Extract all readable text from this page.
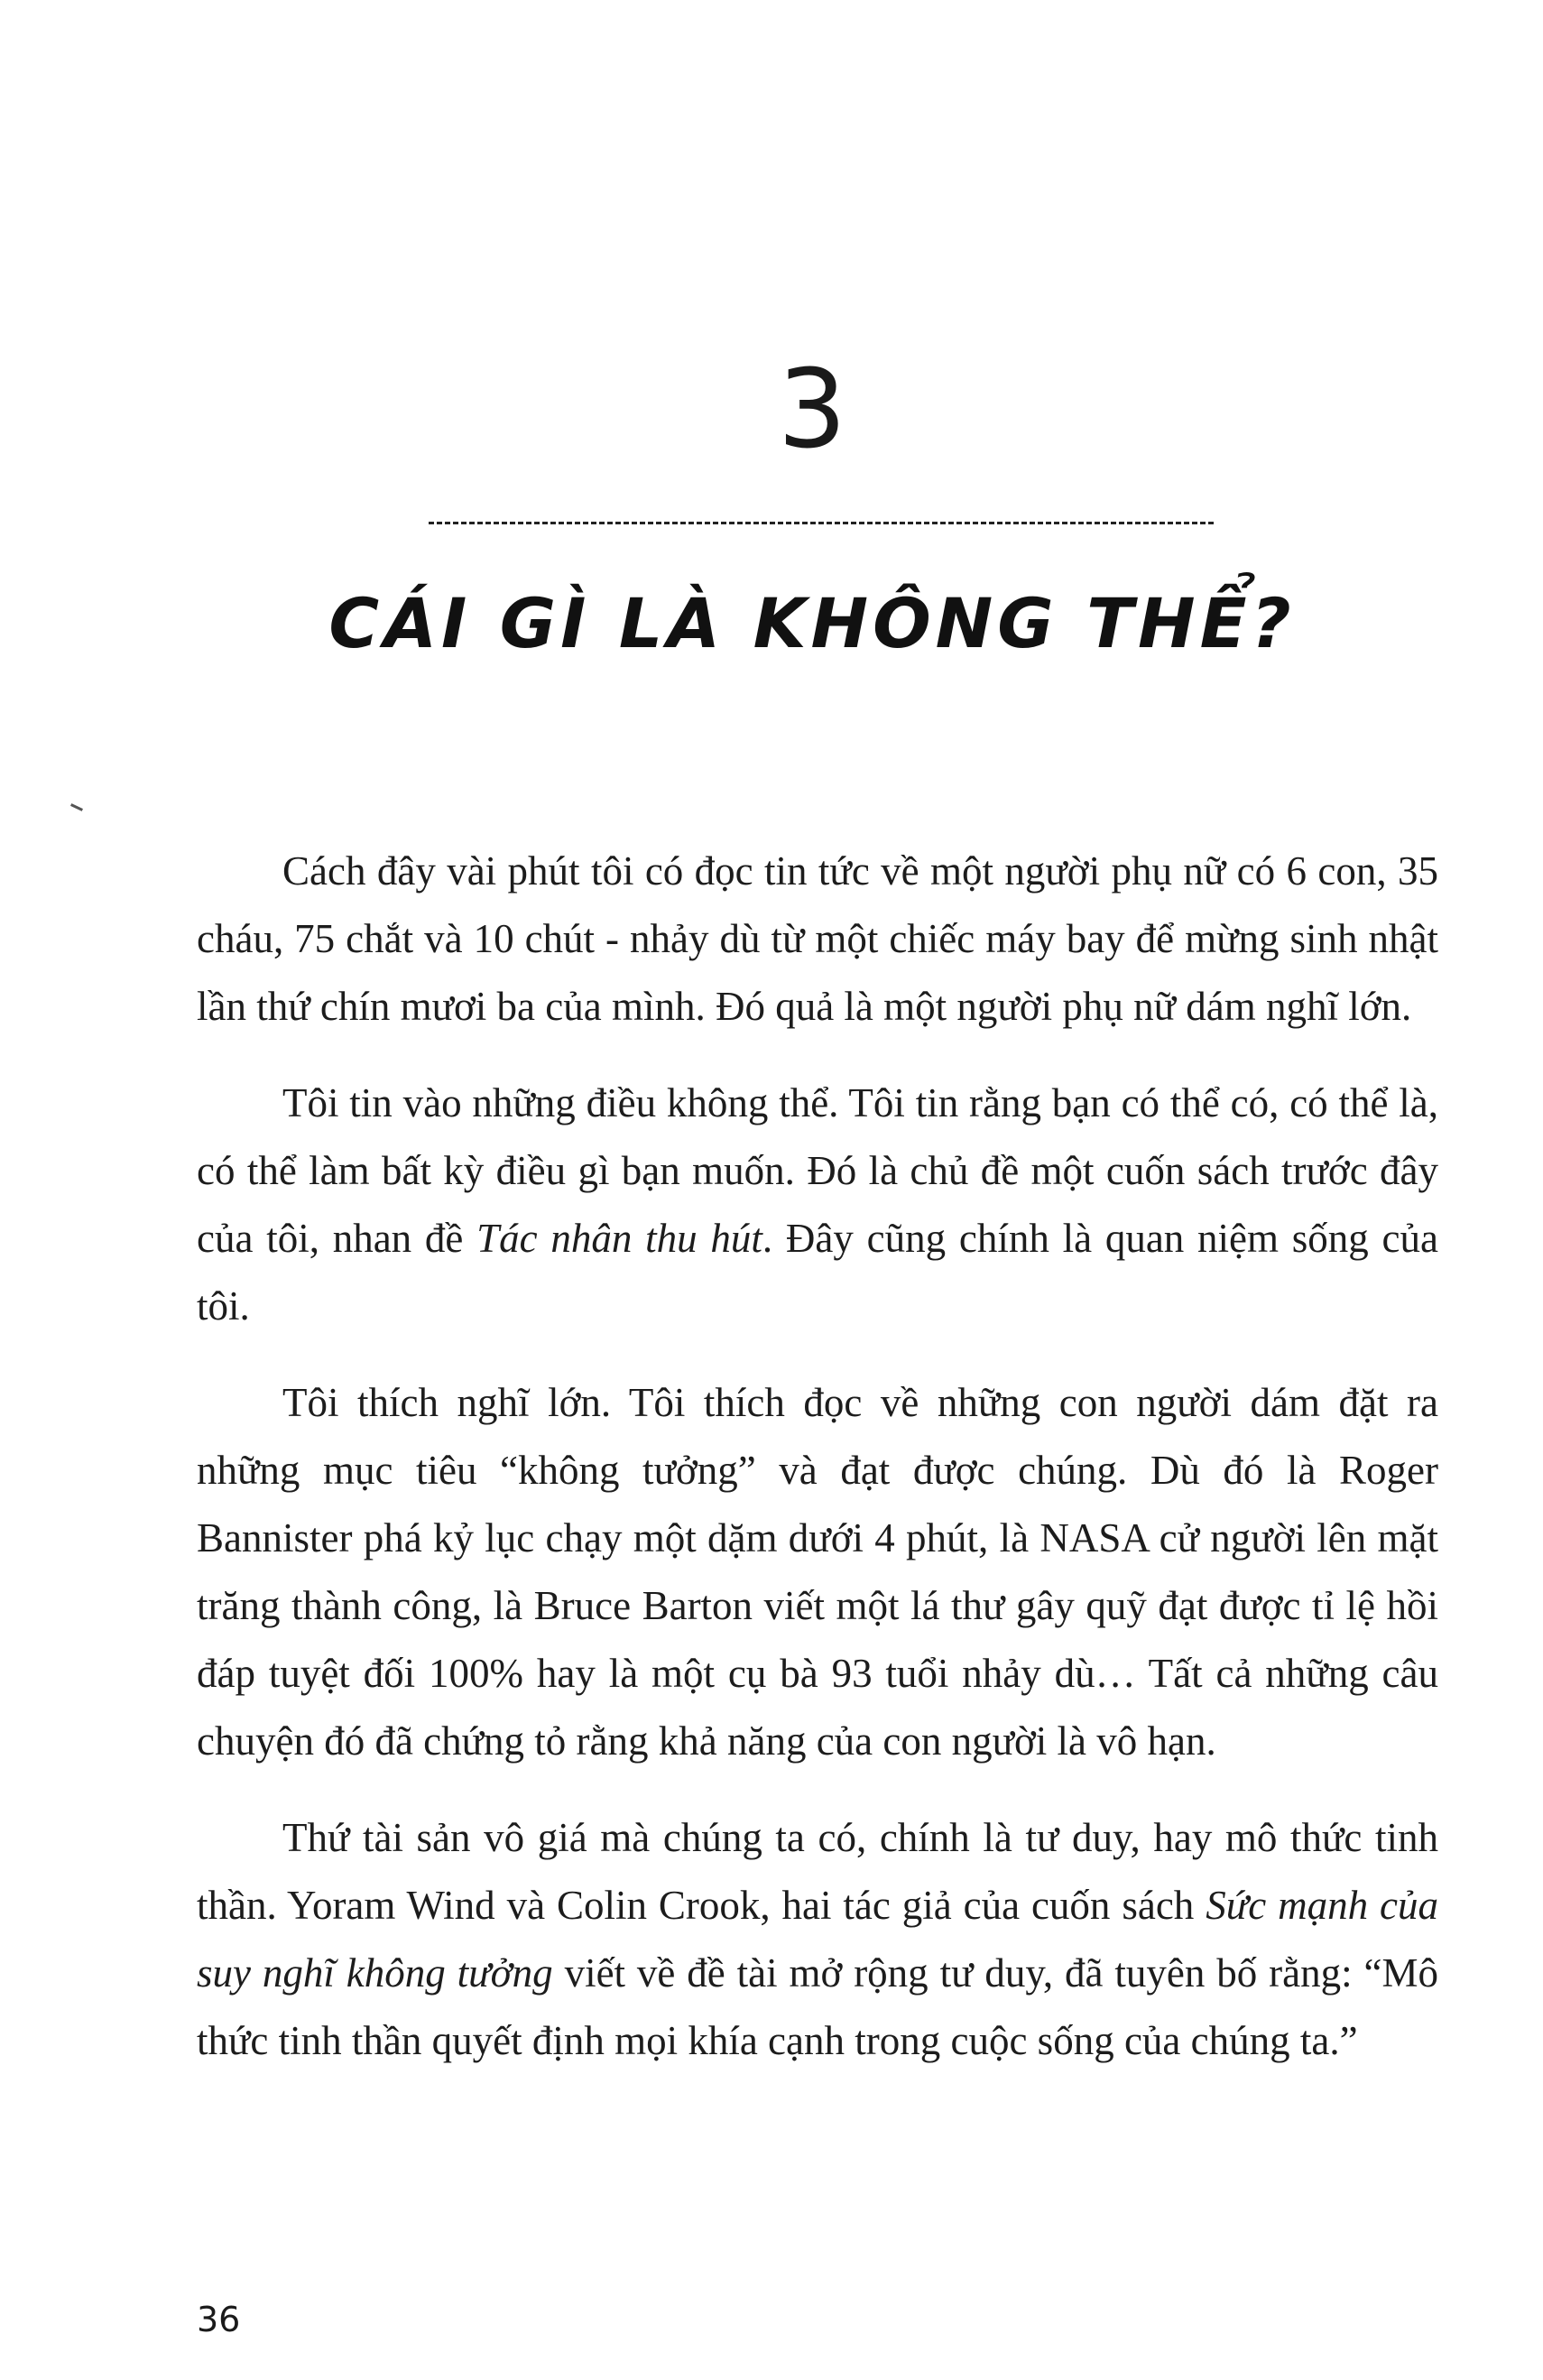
3
CÁI GÌ LÀ KHÔNG THỂ?

Cách đây vài phút tôi có đọc tin tức về một người phụ nữ có 6 con, 35 cháu, 75 chắt và 10 chút - nhảy dù từ một chiếc máy bay để mừng sinh nhật lần thứ chín mươi ba của mình. Đó quả là một người phụ nữ dám nghĩ lớn.

Tôi tin vào những điều không thể. Tôi tin rằng bạn có thể có, có thể là, có thể làm bất kỳ điều gì bạn muốn. Đó là chủ đề một cuốn sách trước đây của tôi, nhan đề Tác nhân thu hút. Đây cũng chính là quan niệm sống của tôi.

Tôi thích nghĩ lớn. Tôi thích đọc về những con người dám đặt ra những mục tiêu “không tưởng” và đạt được chúng. Dù đó là Roger Bannister phá kỷ lục chạy một dặm dưới 4 phút, là NASA cử người lên mặt trăng thành công, là Bruce Barton viết một lá thư gây quỹ đạt được tỉ lệ hồi đáp tuyệt đối 100% hay là một cụ bà 93 tuổi nhảy dù… Tất cả những câu chuyện đó đã chứng tỏ rằng khả năng của con người là vô hạn.

Thứ tài sản vô giá mà chúng ta có, chính là tư duy, hay mô thức tinh thần. Yoram Wind và Colin Crook, hai tác giả của cuốn sách Sức mạnh của suy nghĩ không tưởng viết về đề tài mở rộng tư duy, đã tuyên bố rằng: “Mô thức tinh thần quyết định mọi khía cạnh trong cuộc sống của chúng ta.”

36
